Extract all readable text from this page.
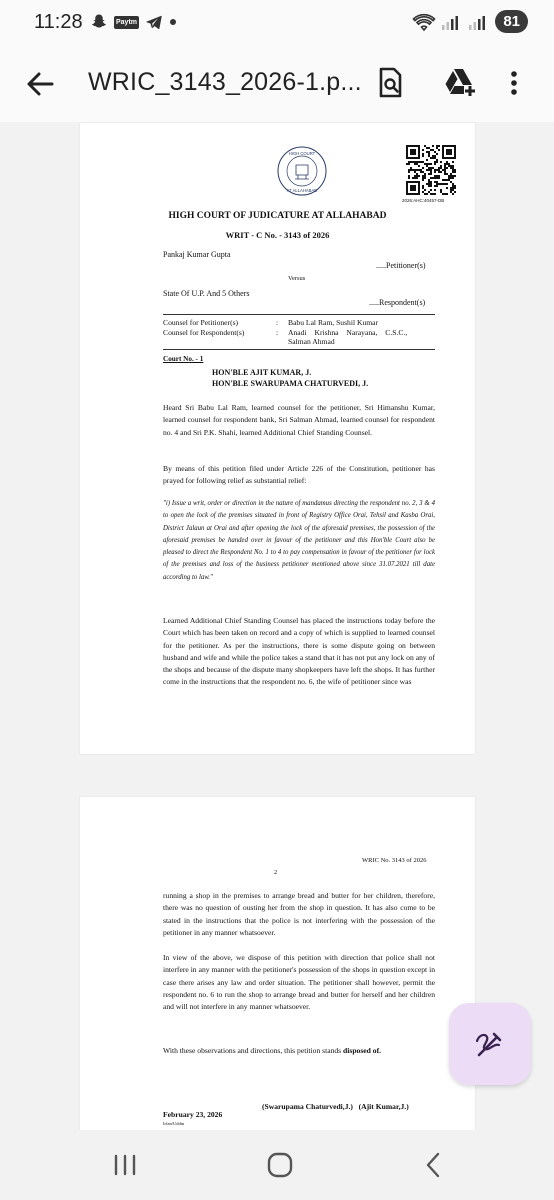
11:28	Paytm	81
WRIC_3143_2026-1.p...
HIGH COURT
AT ALLAHABAD
2026:AHC:40457-DB
HIGH COURT OF JUDICATURE AT ALLAHABAD
WRIT - C No. - 3143 of 2026
Pankaj Kumar Gupta
.....Petitioner(s)
Versus
State Of U.P. And 5 Others
.....Respondent(s)
Counsel for Petitioner(s)
Counsel for Respondent(s)
:
:
Babu Lal Ram, Sushil Kumar
Anadi Krishna Narayana, C.S.C.,
Salman Ahmad
Court No. - 1
HON'BLE AJIT KUMAR, J.
HON'BLE SWARUPAMA CHATURVEDI, J.
Heard Sri Babu Lal Ram, learned counsel for the petitioner, Sri Himanshu Kumar, learned counsel for respondent bank, Sri Salman Ahmad, learned counsel for respondent no. 4 and Sri P.K. Shahi, learned Additional Chief Standing Counsel.
By means of this petition filed under Article 226 of the Constitution, petitioner has prayed for following relief as substantial relief:
"i) Issue a writ, order or direction in the nature of mandamus directing the respondent no. 2, 3 & 4 to open the lock of the premises situated in front of Registry Office Orai, Tehsil and Kasba Orai, District Jalaun at Orai and after opening the lock of the aforesaid premises, the possession of the aforesaid premises be handed over in favour of the petitioner and this Hon'ble Court also be pleased to direct the Respondent No. 1 to 4 to pay compensation in favour of the petitioner for lock of the premises and loss of the business petitioner mentioned above since 31.07.2021 till date according to law."
Learned Additional Chief Standing Counsel has placed the instructions today before the Court which has been taken on record and a copy of which is supplied to learned counsel for the petitioner. As per the instructions, there is some dispute going on between husband and wife and while the police takes a stand that it has not put any lock on any of the shops and because of the dispute many shopkeepers have left the shops. It has further come in the instructions that the respondent no. 6, the wife of petitioner since was
WRIC No. 3143 of 2026
2
running a shop in the premises to arrange bread and butter for her children, therefore, there was no question of ousting her from the shop in question. It has also come to be stated in the instructions that the police is not interfering with the possession of the petitioner in any manner whatsoever.
In view of the above, we dispose of this petition with direction that police shall not interfere in any manner with the petitioner's possession of the shops in question except in case there arises any law and order situation. The petitioner shall however, permit the respondent no. 6 to run the shop to arrange bread and butter for herself and her children and will not interfere in any manner whatsoever.
With these observations and directions, this petition stands disposed of.
(Swarupama Chaturvedi,J.)   (Ajit Kumar,J.)
February 23, 2026
Irfan/Uddin
